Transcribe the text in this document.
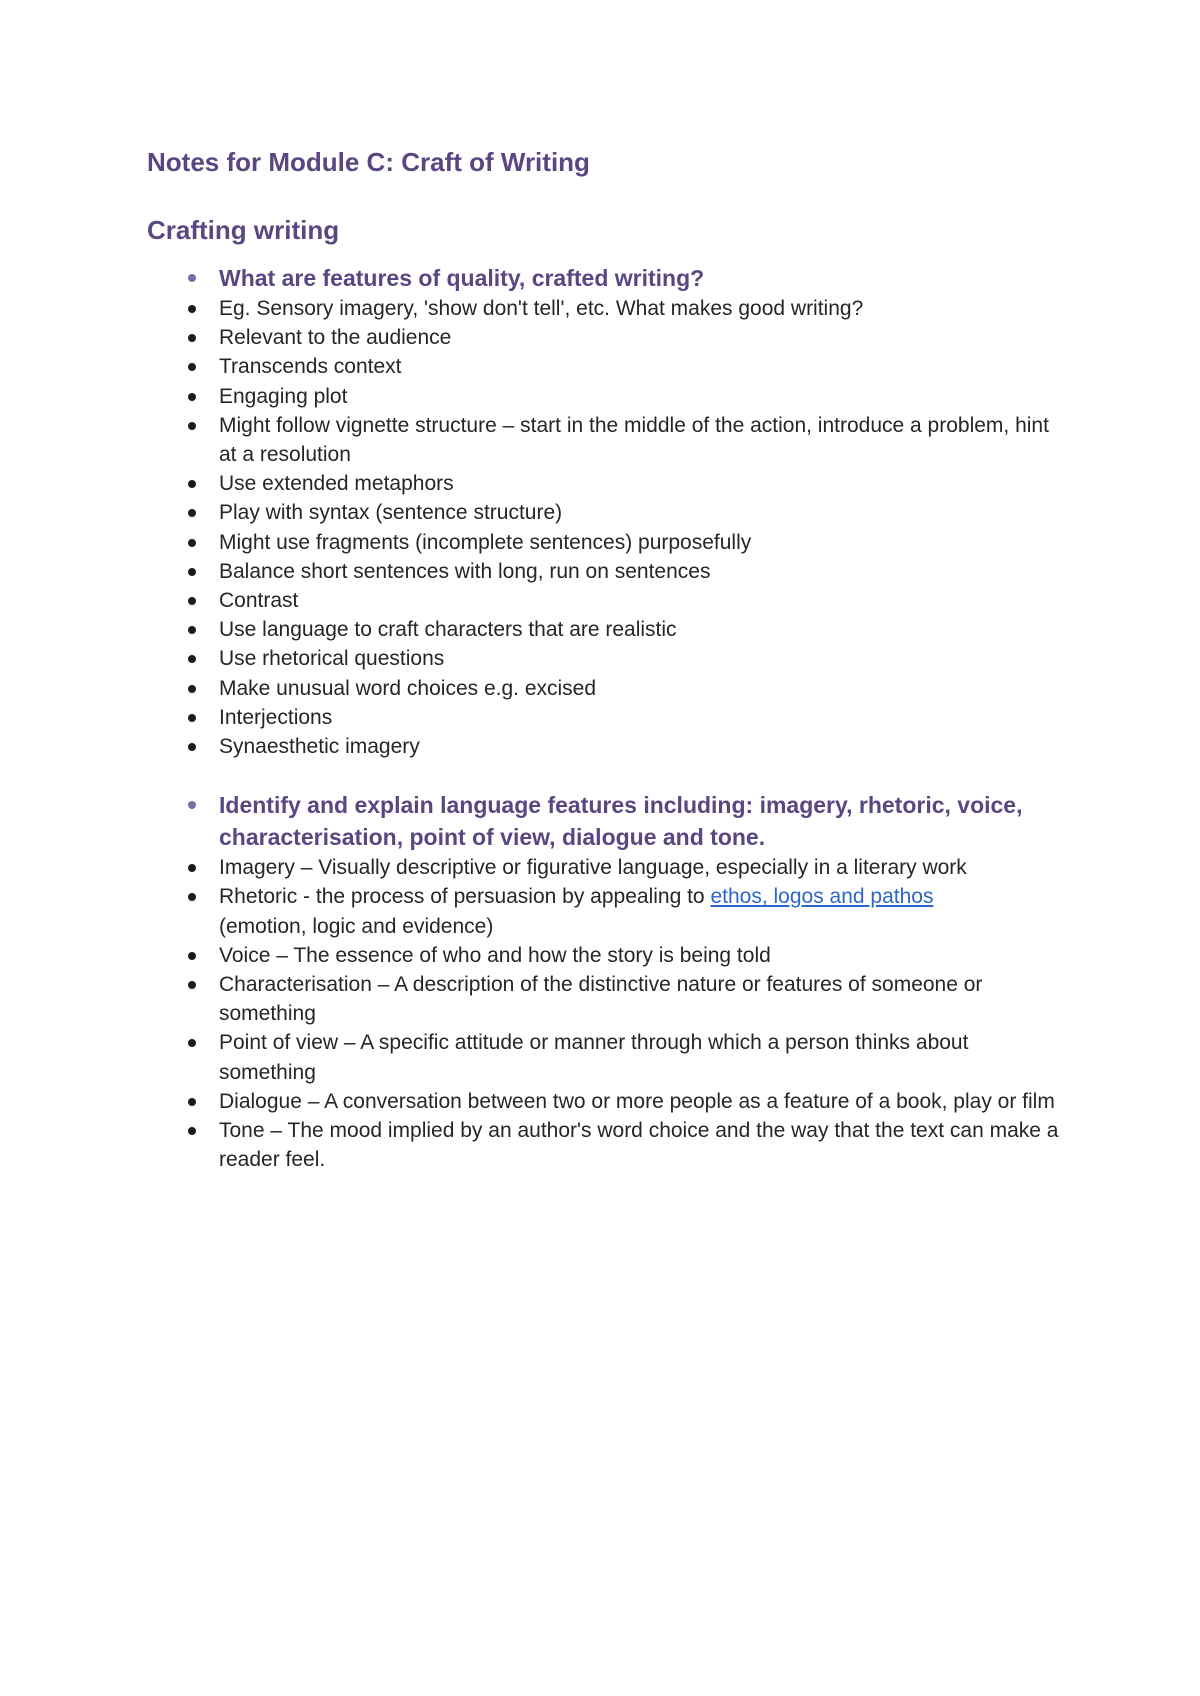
Notes for Module C: Craft of Writing
Crafting writing
What are features of quality, crafted writing?
Eg. Sensory imagery, 'show don't tell', etc. What makes good writing?
Relevant to the audience
Transcends context
Engaging plot
Might follow vignette structure – start in the middle of the action, introduce a problem, hint at a resolution
Use extended metaphors
Play with syntax (sentence structure)
Might use fragments (incomplete sentences) purposefully
Balance short sentences with long, run on sentences
Contrast
Use language to craft characters that are realistic
Use rhetorical questions
Make unusual word choices e.g. excised
Interjections
Synaesthetic imagery
Identify and explain language features including: imagery, rhetoric, voice, characterisation, point of view, dialogue and tone.
Imagery – Visually descriptive or figurative language, especially in a literary work
Rhetoric - the process of persuasion by appealing to ethos, logos and pathos
(emotion, logic and evidence)
Voice – The essence of who and how the story is being told
Characterisation – A description of the distinctive nature or features of someone or something
Point of view – A specific attitude or manner through which a person thinks about something
Dialogue – A conversation between two or more people as a feature of a book, play or film
Tone – The mood implied by an author's word choice and the way that the text can make a reader feel.
